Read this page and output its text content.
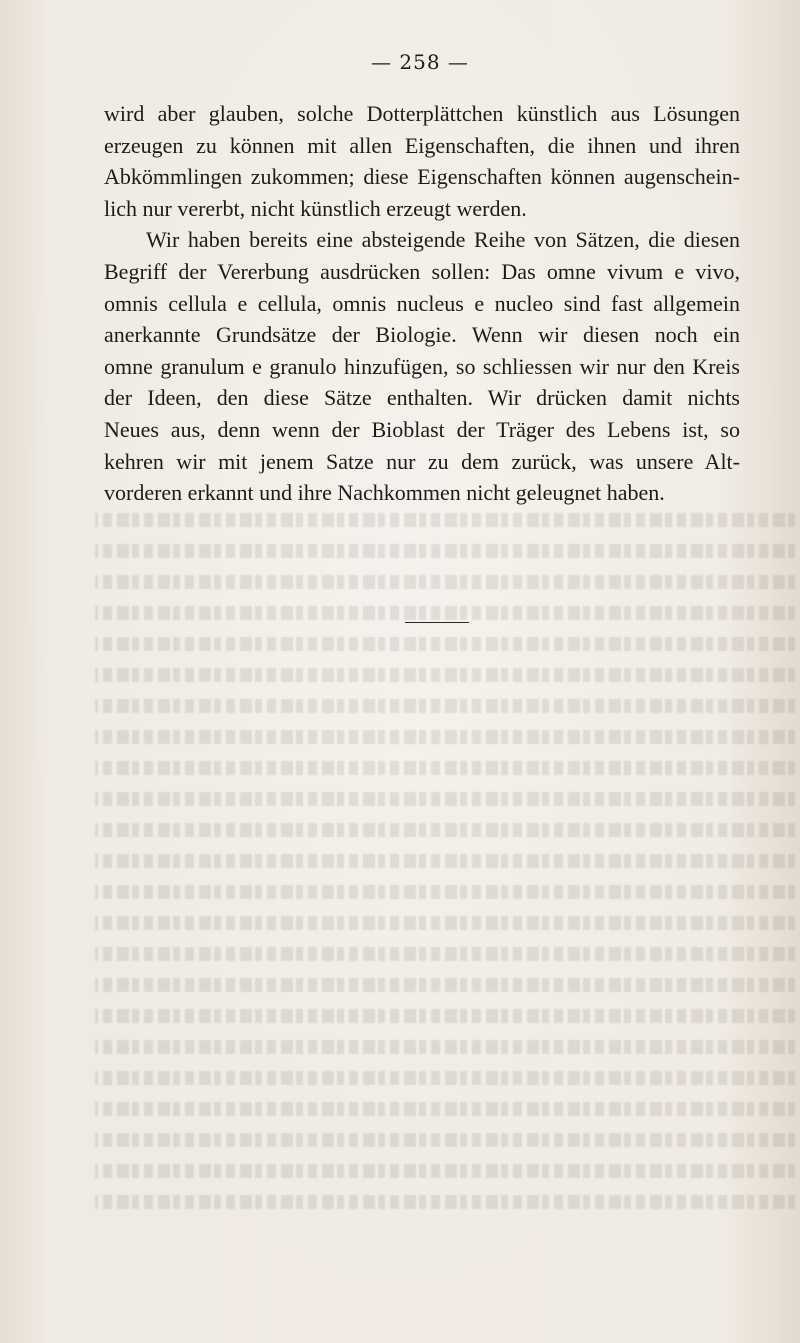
— 258 —
wird aber glauben, solche Dotterplättchen künstlich aus Lösungen
erzeugen zu können mit allen Eigenschaften, die ihnen und ihren
Abkömmlingen zukommen; diese Eigenschaften können augenschein-
lich nur vererbt, nicht künstlich erzeugt werden.
Wir haben bereits eine absteigende Reihe von Sätzen, die diesen
Begriff der Vererbung ausdrücken sollen: Das omne vivum e vivo,
omnis cellula e cellula, omnis nucleus e nucleo sind fast allgemein
anerkannte Grundsätze der Biologie. Wenn wir diesen noch ein
omne granulum e granulo hinzufügen, so schliessen wir nur den Kreis
der Ideen, den diese Sätze enthalten. Wir drücken damit nichts
Neues aus, denn wenn der Bioblast der Träger des Lebens ist, so
kehren wir mit jenem Satze nur zu dem zurück, was unsere Alt-
vorderen erkannt und ihre Nachkommen nicht geleugnet haben.
